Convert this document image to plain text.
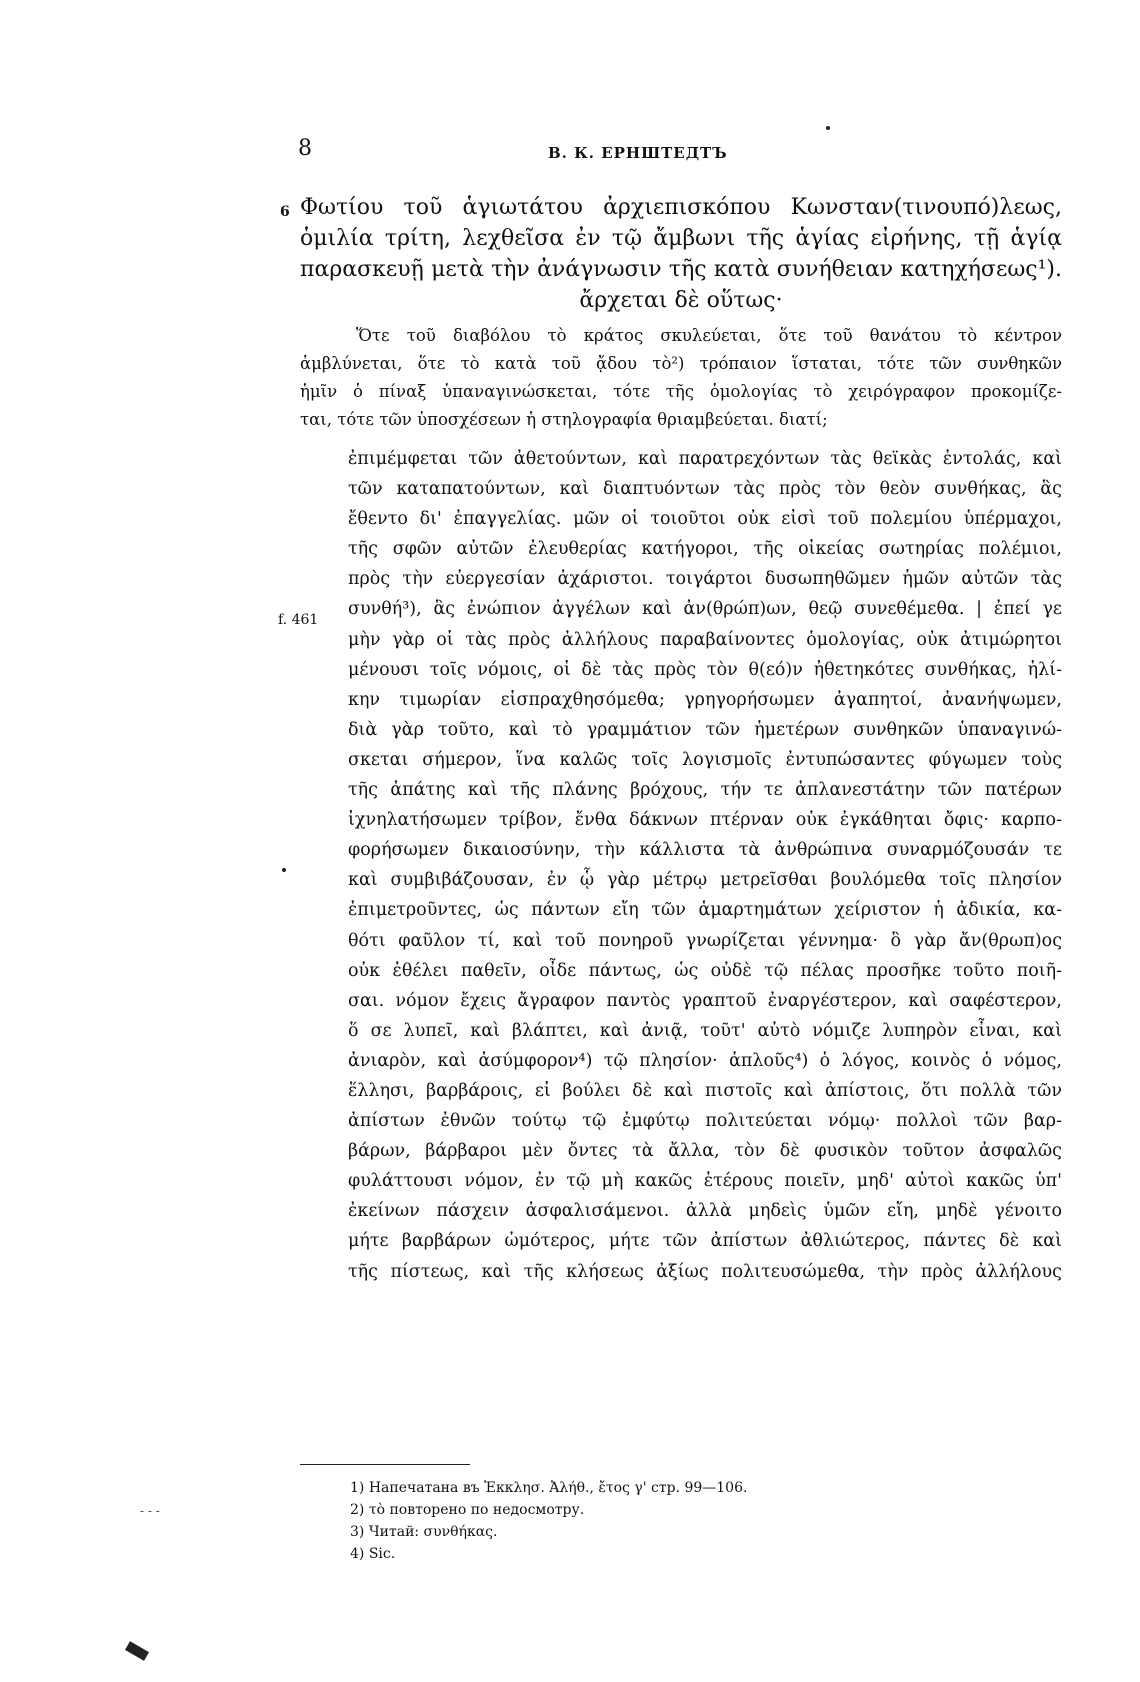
8	В. К. ЕРНШТЕДТЪ
6 Φωτίου τοῦ ἁγιωτάτου ἀρχιεπισκόπου Κωνσταν(τινουπό)λεως,
ὁμιλία τρίτη, λεχθεῖσα ἐν τῷ ἄμβωνι τῆς ἁγίας εἰρήνης, τῇ ἁγίᾳ
παρασκευῇ μετὰ τὴν ἀνάγνωσιν τῆς κατὰ συνήθειαν κατηχήσεως¹).
ἄρχεται δὲ οὕτως·
Ὅτε τοῦ διαβόλου τὸ κράτος σκυλεύεται, ὅτε τοῦ θανάτου τὸ κέντρον
ἀμβλύνεται, ὅτε τὸ κατὰ τοῦ ᾄδου τὸ²) τρόπαιον ἵσταται, τότε τῶν συνθηκῶν
ἡμῖν ὁ πίναξ ὑπαναγινώσκεται, τότε τῆς ὁμολογίας τὸ χειρόγραφον προκομίζε-
ται, τότε τῶν ὑποσχέσεων ἡ στηλογραφία θριαμβεύεται. διατί;
f. 461
ἐπιμέμφεται τῶν ἀθετούντων, καὶ παρατρεχόντων τὰς θεϊκὰς ἐντολάς, καὶ
τῶν καταπατούντων, καὶ διαπτυόντων τὰς πρὸς τὸν θεὸν συνθήκας, ἃς
ἔθεντο δι' ἐπαγγελίας. μῶν οἱ τοιοῦτοι οὐκ εἰσὶ τοῦ πολεμίου ὑπέρμαχοι,
τῆς σφῶν αὐτῶν ἐλευθερίας κατήγοροι, τῆς οἰκείας σωτηρίας πολέμιοι,
πρὸς τὴν εὐεργεσίαν ἀχάριστοι. τοιγάρτοι δυσωπηθῶμεν ἡμῶν αὐτῶν τὰς
συνθή³), ἃς ἐνώπιον ἀγγέλων καὶ ἀν(θρώπ)ων, θεῷ συνεθέμεθα. | ἐπεί γε
μὴν γὰρ οἱ τὰς πρὸς ἀλλήλους παραβαίνοντες ὁμολογίας, οὐκ ἀτιμώρητοι
μένουσι τοῖς νόμοις, οἱ δὲ τὰς πρὸς τὸν θ(εό)ν ἠθετηκότες συνθήκας, ἡλί-
κην τιμωρίαν εἰσπραχθησόμεθα; γρηγορήσωμεν ἀγαπητοί, ἀνανήψωμεν,
διὰ γὰρ τοῦτο, καὶ τὸ γραμμάτιον τῶν ἡμετέρων συνθηκῶν ὑπαναγινώ-
σκεται σήμερον, ἵνα καλῶς τοῖς λογισμοῖς ἐντυπώσαντες φύγωμεν τοὺς
τῆς ἀπάτης καὶ τῆς πλάνης βρόχους, τήν τε ἀπλανεστάτην τῶν πατέρων
ἰχνηλατήσωμεν τρίβον, ἔνθα δάκνων πτέρναν οὐκ ἐγκάθηται ὄφις· καρπο-
φορήσωμεν δικαιοσύνην, τὴν κάλλιστα τὰ ἀνθρώπινα συναρμόζουσάν τε
καὶ συμβιβάζουσαν, ἐν ᾧ γὰρ μέτρῳ μετρεῖσθαι βουλόμεθα τοῖς πλησίον
ἐπιμετροῦντες, ὡς πάντων εἴη τῶν ἁμαρτημάτων χείριστον ἡ ἀδικία, κα-
θότι φαῦλον τί, καὶ τοῦ πονηροῦ γνωρίζεται γέννημα· ὃ γὰρ ἄν(θρωπ)ος
οὐκ ἐθέλει παθεῖν, οἶδε πάντως, ὡς οὐδὲ τῷ πέλας προσῆκε τοῦτο ποιῆ-
σαι. νόμον ἔχεις ἄγραφον παντὸς γραπτοῦ ἐναργέστερον, καὶ σαφέστερον,
ὅ σε λυπεῖ, καὶ βλάπτει, καὶ ἀνιᾷ, τοῦτ' αὐτὸ νόμιζε λυπηρὸν εἶναι, καὶ
ἀνιαρὸν, καὶ ἀσύμφορον⁴) τῷ πλησίον· ἁπλοῦς⁴) ὁ λόγος, κοινὸς ὁ νόμος,
ἕλλησι, βαρβάροις, εἰ βούλει δὲ καὶ πιστοῖς καὶ ἀπίστοις, ὅτι πολλὰ τῶν
ἀπίστων ἐθνῶν τούτῳ τῷ ἐμφύτῳ πολιτεύεται νόμῳ· πολλοὶ τῶν βαρ-
βάρων, βάρβαροι μὲν ὄντες τὰ ἄλλα, τὸν δὲ φυσικὸν τοῦτον ἀσφαλῶς
φυλάττουσι νόμον, ἐν τῷ μὴ κακῶς ἑτέρους ποιεῖν, μηδ' αὐτοὶ κακῶς ὑπ'
ἐκείνων πάσχειν ἀσφαλισάμενοι. ἀλλὰ μηδεὶς ὑμῶν εἴη, μηδὲ γένοιτο
μήτε βαρβάρων ὠμότερος, μήτε τῶν ἀπίστων ἀθλιώτερος, πάντες δὲ καὶ
τῆς πίστεως, καὶ τῆς κλήσεως ἀξίως πολιτευσώμεθα, τὴν πρὸς ἀλλήλους
1) Напечатана въ Ἐκκλησ. Ἀλήθ., ἔτος γ' стр. 99—106.
2) τὸ повторено по недосмотру.
3) Читай: συνθήκας.
4) Sic.
‑ ‑ ‑
